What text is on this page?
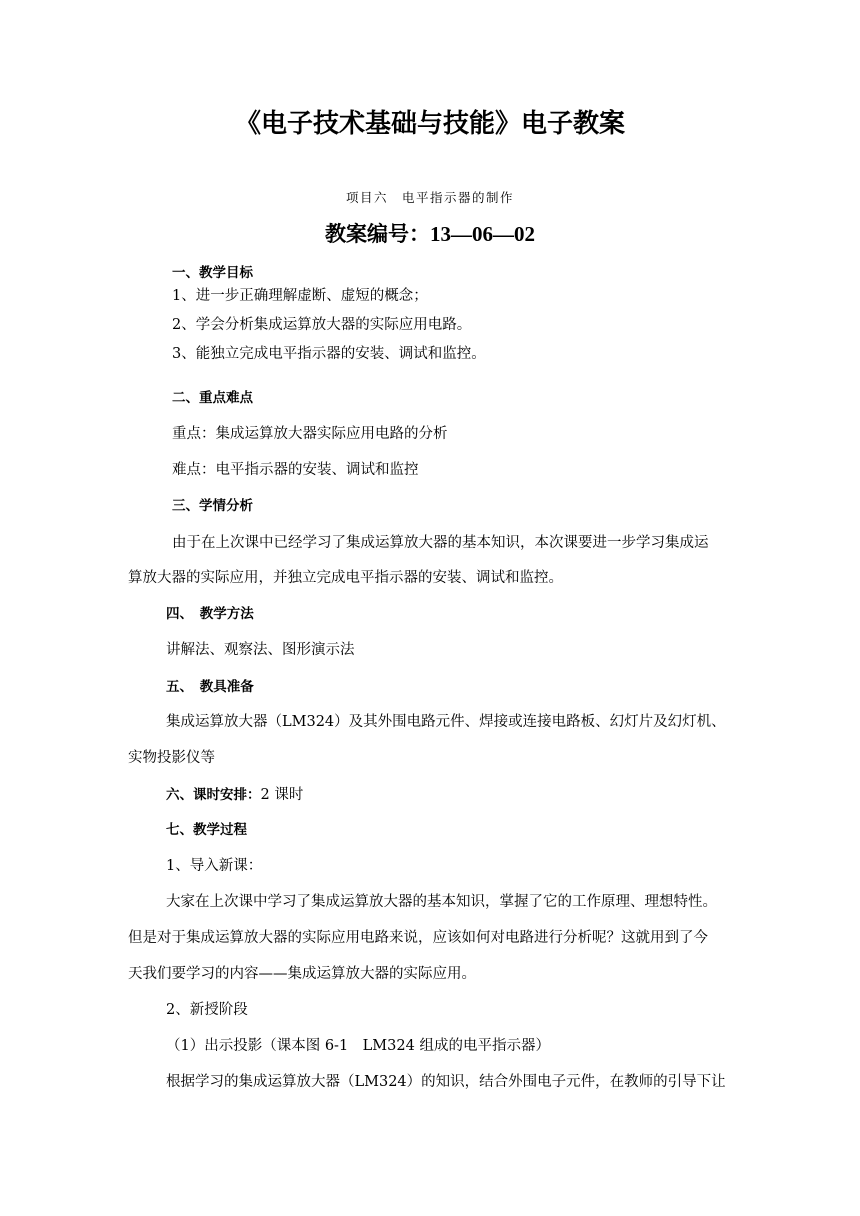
《电子技术基础与技能》电子教案
项目六　电平指示器的制作
教案编号：13—06—02
一、教学目标
1、进一步正确理解虚断、虚短的概念；
2、学会分析集成运算放大器的实际应用电路。
3、能独立完成电平指示器的安装、调试和监控。
二、重点难点
重点：集成运算放大器实际应用电路的分析
难点：电平指示器的安装、调试和监控
三、学情分析
由于在上次课中已经学习了集成运算放大器的基本知识，本次课要进一步学习集成运
算放大器的实际应用，并独立完成电平指示器的安装、调试和监控。
四、　教学方法
讲解法、观察法、图形演示法
五、　教具准备
集成运算放大器（LM324）及其外围电路元件、焊接或连接电路板、幻灯片及幻灯机、
实物投影仪等
六、课时安排：2 课时
七、教学过程
1、导入新课：
大家在上次课中学习了集成运算放大器的基本知识，掌握了它的工作原理、理想特性。
但是对于集成运算放大器的实际应用电路来说，应该如何对电路进行分析呢？这就用到了今
天我们要学习的内容——集成运算放大器的实际应用。
2、新授阶段
（1）出示投影（课本图 6-1　LM324 组成的电平指示器）
根据学习的集成运算放大器（LM324）的知识，结合外围电子元件，在教师的引导下让
